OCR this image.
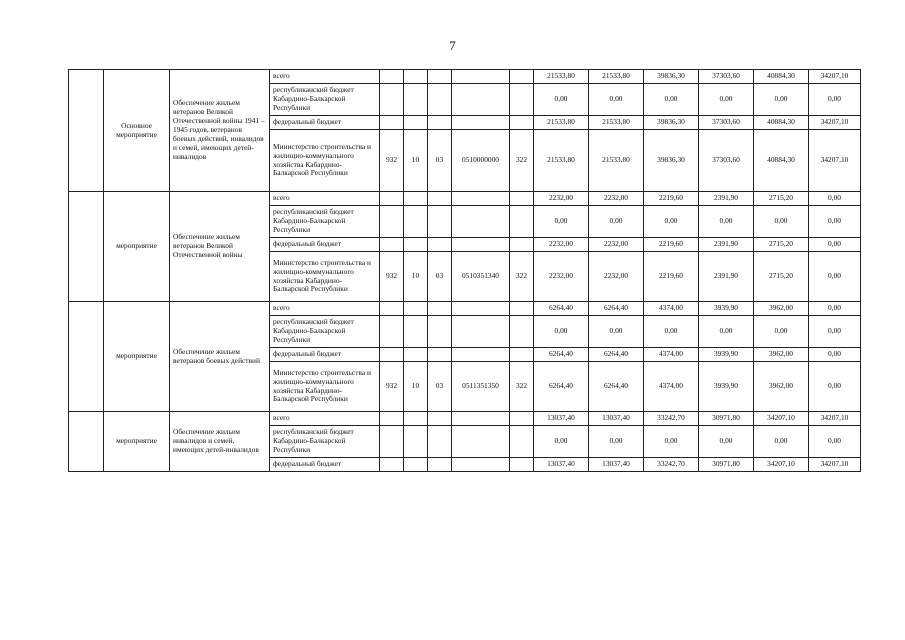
7
	Основное мероприятие	Обеспечение жильем ветеранов Великой Отечественной войны 1941 – 1945 годов, ветеранов боевых действий, инвалидов и семей, имеющих детей-инвалидов	всего						21533,80	21533,80	39836,30	37303,60	40884,30	34207,10
			республиканский бюджет Кабардино-Балкарской Республики						0,00	0,00	0,00	0,00	0,00	0,00
			федеральный бюджет						21533,80	21533,80	39836,30	37303,60	40884,30	34207,10
			Министерство строительства и жилищно-коммунального хозяйства Кабардино-Балкарской Республики	932	10	03	0510000000	322	21533,80	21533,80	39836,30	37303,60	40884,30	34207,10
	мероприятие	Обеспечение жильем ветеранов Великой Отечественной войны	всего						2232,00	2232,00	2219,60	2391,90	2715,20	0,00
			республиканский бюджет Кабардино-Балкарской Республики						0,00	0,00	0,00	0,00	0,00	0,00
			федеральный бюджет						2232,00	2232,00	2219,60	2391,90	2715,20	0,00
			Министерство строительства и жилищно-коммунального хозяйства Кабардино-Балкарской Республики	932	10	03	0510351340	322	2232,00	2232,00	2219,60	2391,90	2715,20	0,00
	мероприятие	Обеспечение жильем ветеранов боевых действий	всего						6264,40	6264,40	4374,00	3939,90	3962,00	0,00
			республиканский бюджет Кабардино-Балкарской Республики						0,00	0,00	0,00	0,00	0,00	0,00
			федеральный бюджет						6264,40	6264,40	4374,00	3939,90	3962,00	0,00
			Министерство строительства и жилищно-коммунального хозяйства Кабардино-Балкарской Республики	932	10	03	0511351350	322	6264,40	6264,40	4374,00	3939,90	3962,00	0,00
	мероприятие	Обеспечение жильем инвалидов и семей, имеющих детей-инвалидов	всего						13037,40	13037,40	33242,70	30971,80	34207,10	34207,10
			республиканский бюджет Кабардино-Балкарской Республики						0,00	0,00	0,00	0,00	0,00	0,00
			федеральный бюджет						13037,40	13037,40	33242,70	30971,80	34207,10	34207,10
